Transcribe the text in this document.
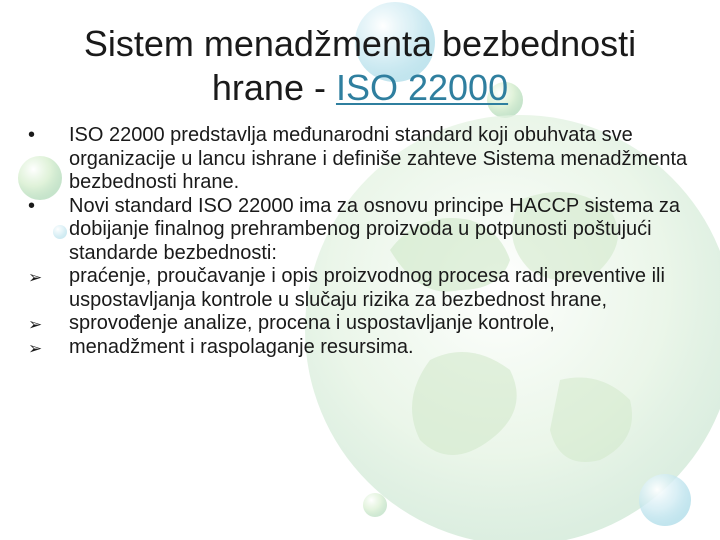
Sistem menadžmenta bezbednosti
hrane - ISO 22000
•	ISO 22000 predstavlja međunarodni standard koji obuhvata sve organizacije u lancu ishrane i definiše zahteve Sistema menadžmenta bezbednosti hrane.
•	Novi standard ISO 22000 ima za osnovu principe HACCP sistema za dobijanje finalnog prehrambenog proizvoda u potpunosti poštujući standarde bezbednosti:
➢	praćenje, proučavanje i opis proizvodnog procesa radi preventive ili uspostavljanja kontrole u slučaju rizika za bezbednost hrane,
➢	sprovođenje analize, procena i uspostavljanje kontrole,
➢	menadžment i raspolaganje resursima.
